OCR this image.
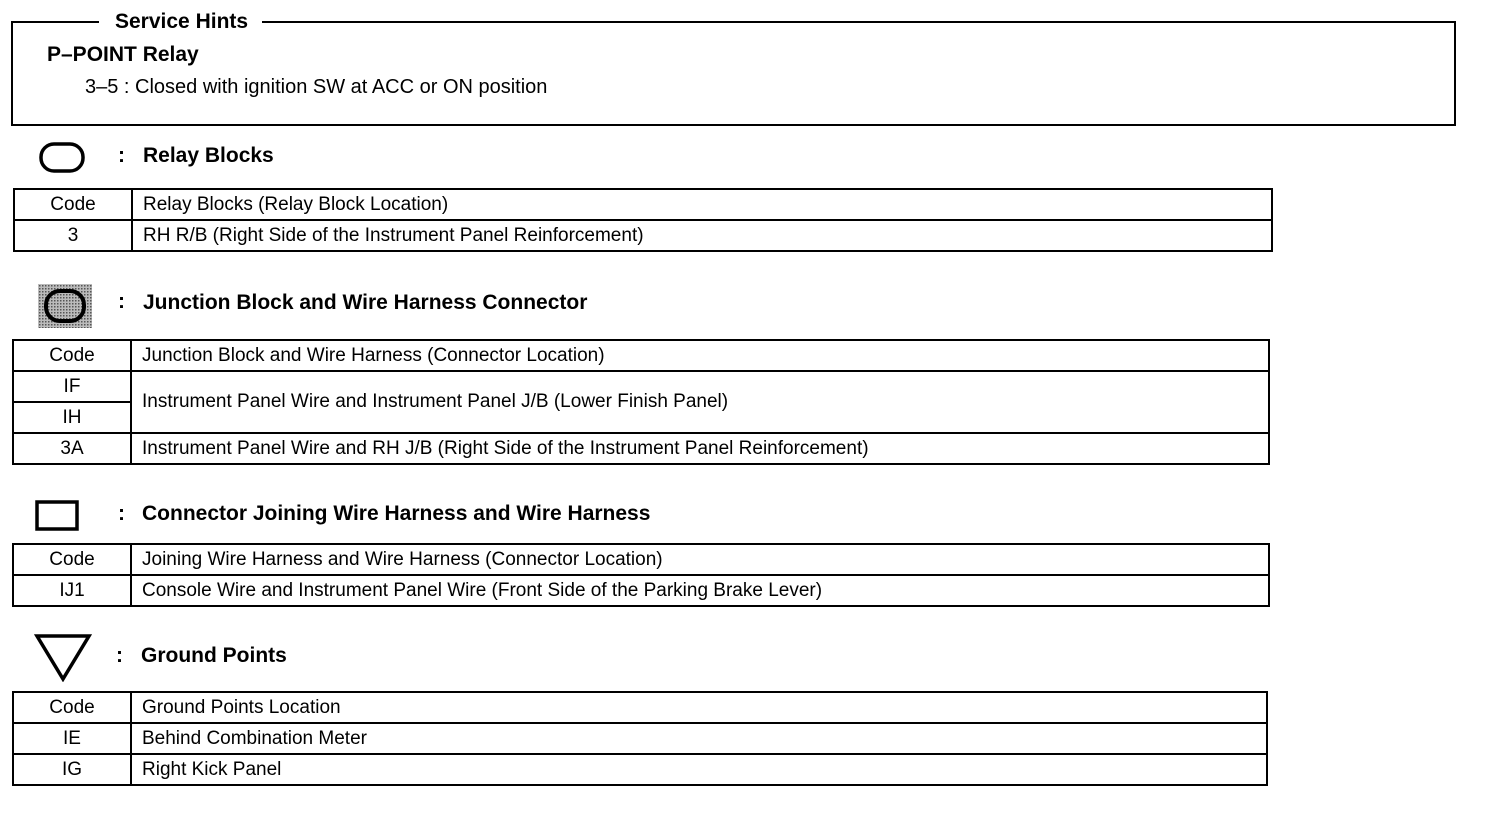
Service Hints
P–POINT Relay
3–5 : Closed with ignition SW at ACC or ON position
: Relay Blocks
Code	Relay Blocks (Relay Block Location)
3	RH R/B (Right Side of the Instrument Panel Reinforcement)
: Junction Block and Wire Harness Connector
Code	Junction Block and Wire Harness (Connector Location)
IF	Instrument Panel Wire and Instrument Panel J/B (Lower Finish Panel)
IH	
3A	Instrument Panel Wire and RH J/B (Right Side of the Instrument Panel Reinforcement)
: Connector Joining Wire Harness and Wire Harness
Code	Joining Wire Harness and Wire Harness (Connector Location)
IJ1	Console Wire and Instrument Panel Wire (Front Side of the Parking Brake Lever)
: Ground Points
Code	Ground Points Location
IE	Behind Combination Meter
IG	Right Kick Panel
